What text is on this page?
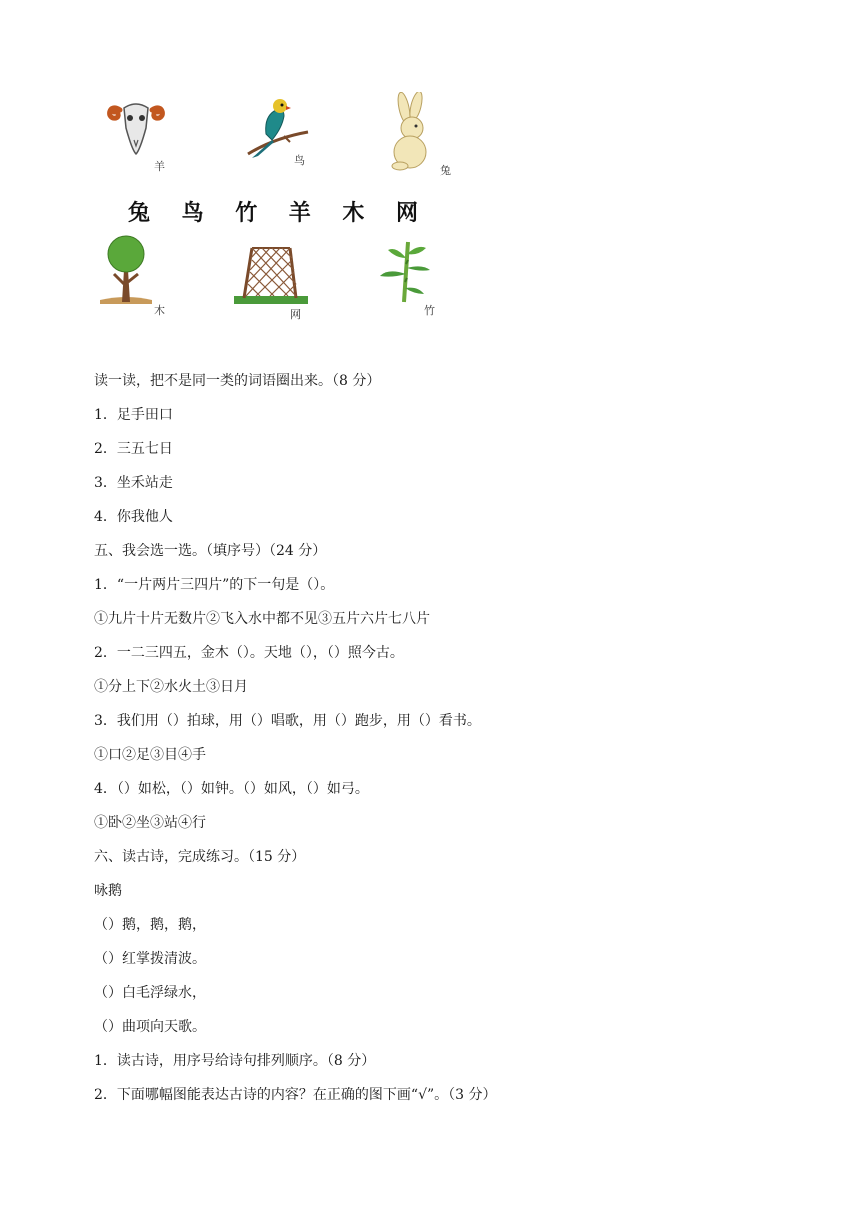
羊	鸟
兔
兔 鸟 竹 羊 木 网
木	网	竹
读一读，把不是同一类的词语圈出来。（8 分）
1．足手田口
2．三五七日
3．坐禾站走
4．你我他人
五、我会选一选。（填序号）（24 分）
1．“一片两片三四片”的下一句是（）。
①九片十片无数片②飞入水中都不见③五片六片七八片
2．一二三四五，金木（）。天地（），（）照今古。
①分上下②水火土③日月
3．我们用（）拍球，用（）唱歌，用（）跑步，用（）看书。
①口②足③目④手
4．（）如松，（）如钟。（）如风，（）如弓。
①卧②坐③站④行
六、读古诗，完成练习。（15 分）
咏鹅
（）鹅，鹅，鹅，
（）红掌拨清波。
（）白毛浮绿水，
（）曲项向天歌。
1．读古诗，用序号给诗句排列顺序。（8 分）
2．下面哪幅图能表达古诗的内容？在正确的图下画“√”。（3 分）
